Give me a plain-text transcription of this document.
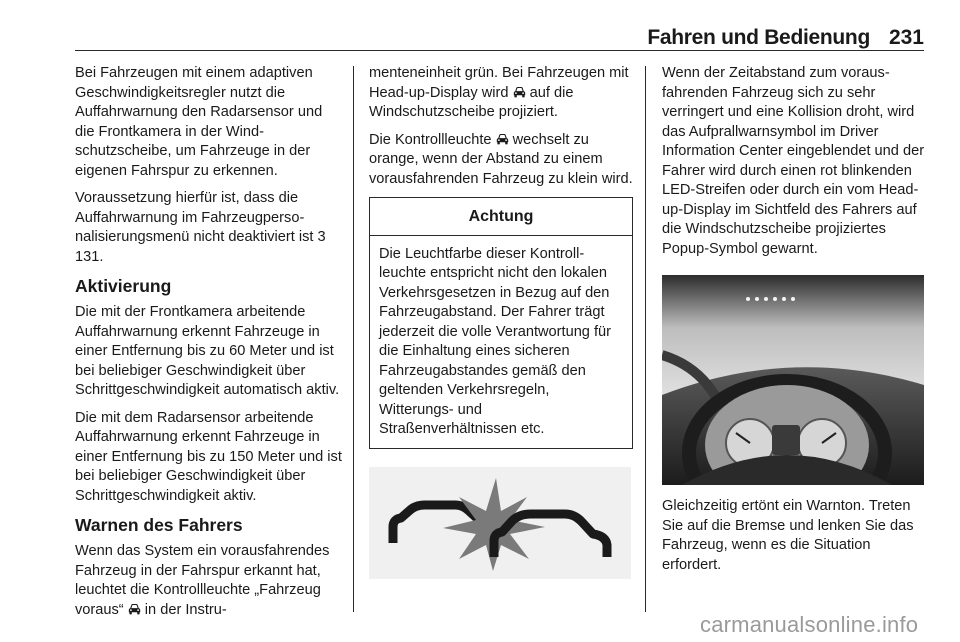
Fahren und Bedienung 231

Bei Fahrzeugen mit einem adaptiven Geschwindigkeitsregler nutzt die Auffahrwarnung den Radarsensor und die Frontkamera in der Windschutzscheibe, um Fahrzeuge in der eigenen Fahrspur zu erkennen.

Voraussetzung hierfür ist, dass die Auffahrwarnung im Fahrzeugpersonalisierungsmenü nicht deaktiviert ist 3 131.

Aktivierung

Die mit der Frontkamera arbeitende Auffahrwarnung erkennt Fahrzeuge in einer Entfernung bis zu 60 Meter und ist bei beliebiger Geschwindigkeit über Schrittgeschwindigkeit automatisch aktiv.

Die mit dem Radarsensor arbeitende Auffahrwarnung erkennt Fahrzeuge in einer Entfernung bis zu 150 Meter und ist bei beliebiger Geschwindigkeit über Schrittgeschwindigkeit aktiv.

Warnen des Fahrers

Wenn das System ein vorausfahrendes Fahrzeug in der Fahrspur erkannt hat, leuchtet die Kontrollleuchte „Fahrzeug voraus“ in der Instru-

menteneinheit grün. Bei Fahrzeugen mit Head-up-Display wird auf die Windschutzscheibe projiziert.

Die Kontrollleuchte wechselt zu orange, wenn der Abstand zu einem vorausfahrenden Fahrzeug zu klein wird.

Achtung
Die Leuchtfarbe dieser Kontrollleuchte entspricht nicht den lokalen Verkehrsgesetzen in Bezug auf den Fahrzeugabstand. Der Fahrer trägt jederzeit die volle Verantwortung für die Einhaltung eines sicheren Fahrzeugabstandes gemäß den geltenden Verkehrsregeln, Witterungs- und Straßenverhältnissen etc.

Wenn der Zeitabstand zum vorausfahrenden Fahrzeug sich zu sehr verringert und eine Kollision droht, wird das Aufprallwarnsymbol im Driver Information Center eingeblendet und der Fahrer wird durch einen rot blinkenden LED-Streifen oder durch ein vom Head-up-Display im Sichtfeld des Fahrers auf die Windschutzscheibe projiziertes Popup-Symbol gewarnt.

Gleichzeitig ertönt ein Warnton. Treten Sie auf die Bremse und lenken Sie das Fahrzeug, wenn es die Situation erfordert.

carmanualsonline.info
